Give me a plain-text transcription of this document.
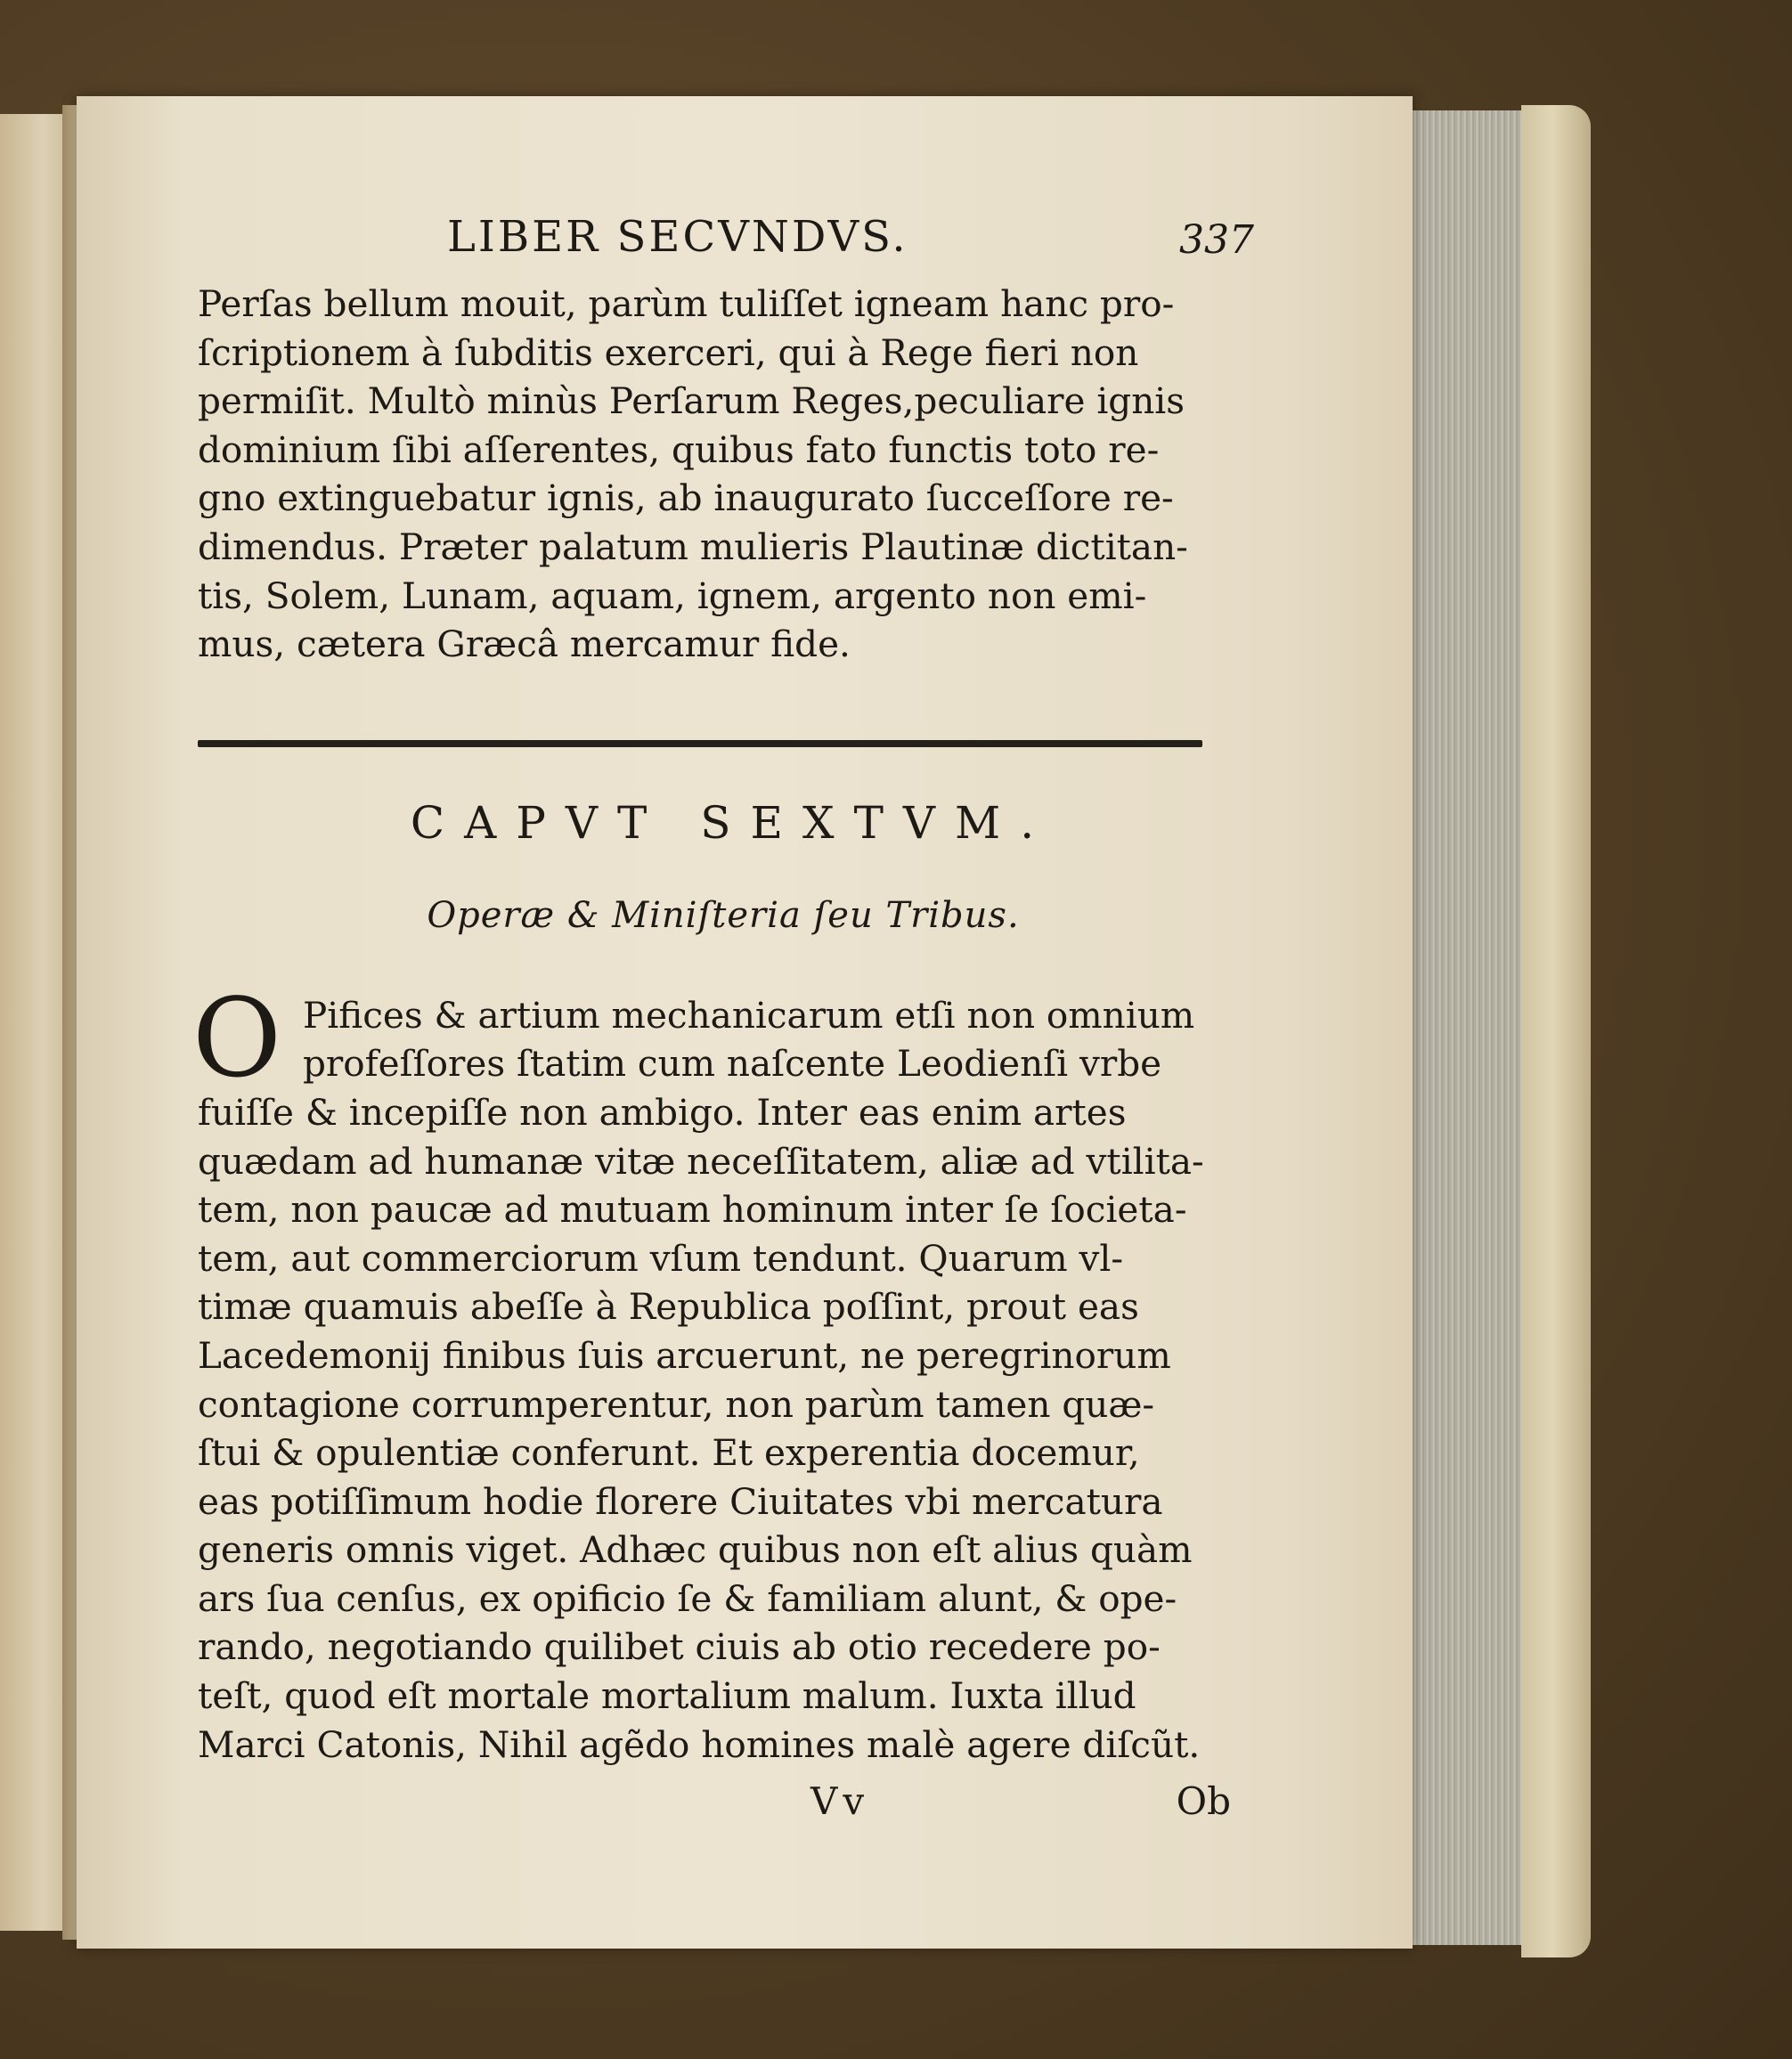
LIBER SECVNDVS.	337

Perſas bellum mouit, parùm tuliſſet igneam hanc pro-
ſcriptionem à ſubditis exerceri, qui à Rege fieri non
permiſit. Multò minùs Perſarum Reges,peculiare ignis
dominium ſibi aſſerentes, quibus fato functis toto re-
gno extinguebatur ignis, ab inaugurato ſucceſſore re-
dimendus. Præter palatum mulieris Plautinæ dictitan-
tis, Solem, Lunam, aquam, ignem, argento non emi-
mus, cætera Græcâ mercamur fide.

CAPVT SEXTVM.
Operæ & Miniſteria ſeu Tribus.
O Pifices & artium mechanicarum etſi non omnium
profeſſores ſtatim cum naſcente Leodienſi vrbe
fuiſſe & incepiſſe non ambigo. Inter eas enim artes
quædam ad humanæ vitæ neceſſitatem, aliæ ad vtilita-
tem, non paucæ ad mutuam hominum inter ſe ſocieta-
tem, aut commerciorum vſum tendunt. Quarum vl-
timæ quamuis abeſſe à Republica poſſint, prout eas
Lacedemonij finibus ſuis arcuerunt, ne peregrinorum
contagione corrumperentur, non parùm tamen quæ-
ſtui & opulentiæ conferunt. Et experentia docemur,
eas potiſſimum hodie florere Ciuitates vbi mercatura
generis omnis viget. Adhæc quibus non eſt alius quàm
ars ſua cenſus, ex opificio ſe & familiam alunt, & ope-
rando, negotiando quilibet ciuis ab otio recedere po-
teſt, quod eſt mortale mortalium malum. Iuxta illud
Marci Catonis, Nihil agẽdo homines malè agere diſcũt.

Vv	Ob
